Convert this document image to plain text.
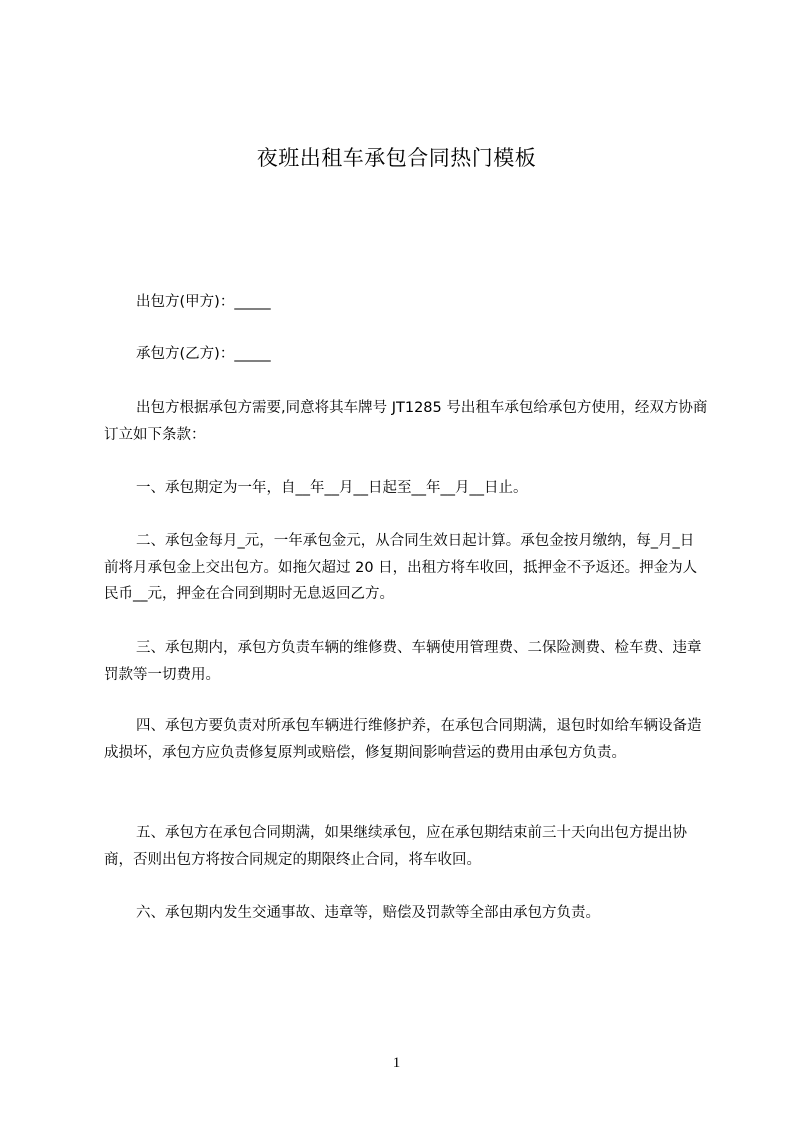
夜班出租车承包合同热门模板

出包方(甲方)：_____

承包方(乙方)：_____

出包方根据承包方需要,同意将其车牌号 JT1285 号出租车承包给承包方使用，经双方协商订立如下条款：

一、承包期定为一年，自__年__月__日起至__年__月__日止。

二、承包金每月_元，一年承包金元，从合同生效日起计算。承包金按月缴纳，每_月_日前将月承包金上交出包方。如拖欠超过 20 日，出租方将车收回，抵押金不予返还。押金为人民币__元，押金在合同到期时无息返回乙方。

三、承包期内，承包方负责车辆的维修费、车辆使用管理费、二保险测费、检车费、违章罚款等一切费用。

四、承包方要负责对所承包车辆进行维修护养，在承包合同期满，退包时如给车辆设备造成损坏，承包方应负责修复原判或赔偿，修复期间影响营运的费用由承包方负责。

五、承包方在承包合同期满，如果继续承包，应在承包期结束前三十天向出包方提出协商，否则出包方将按合同规定的期限终止合同，将车收回。

六、承包期内发生交通事故、违章等，赔偿及罚款等全部由承包方负责。

1
